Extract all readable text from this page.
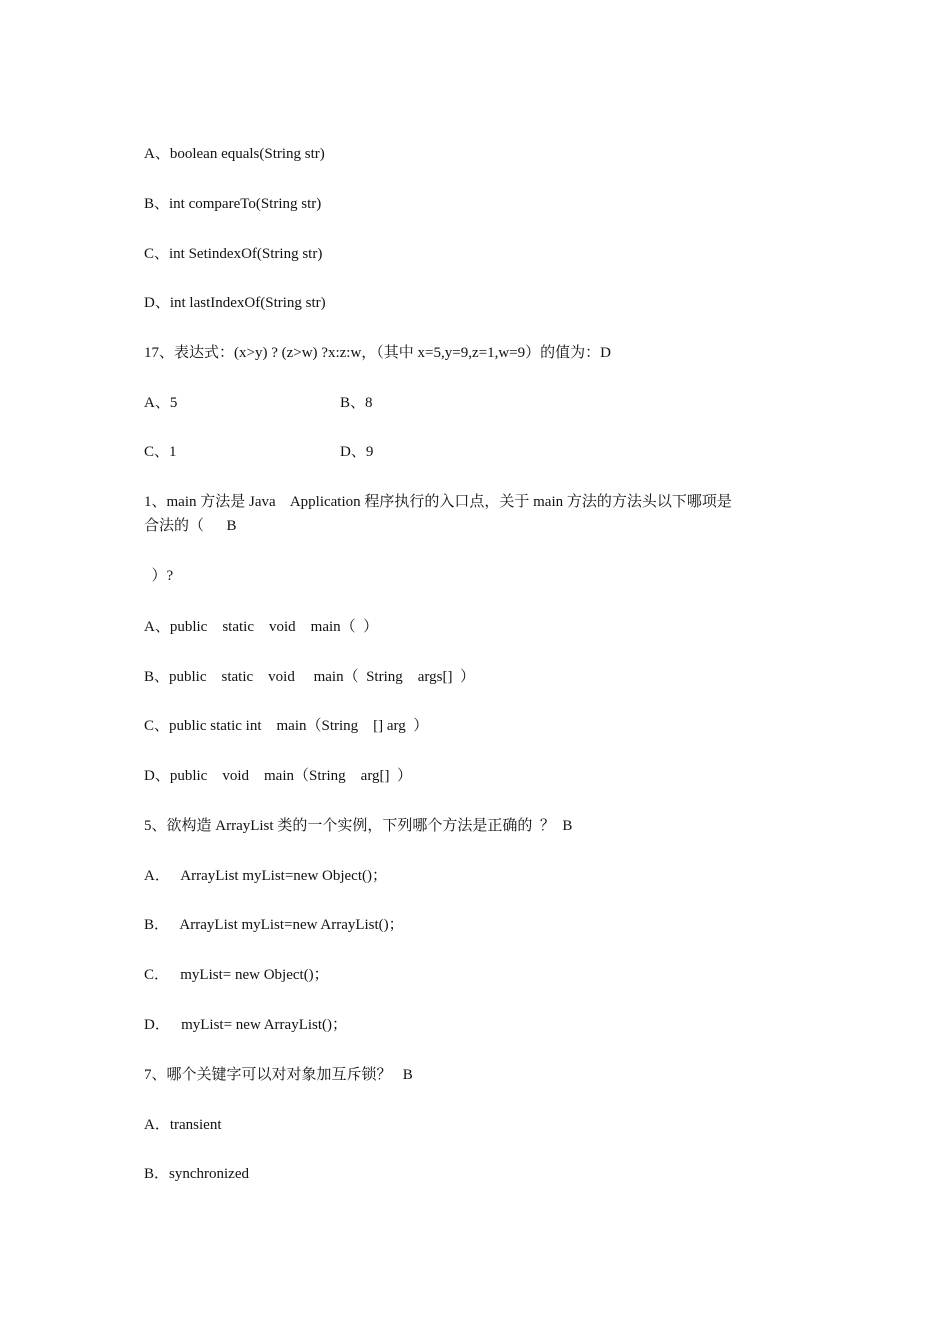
A、boolean equals(String str)
B、int compareTo(String str)
C、int SetindexOf(String str)
D、int lastIndexOf(String str)
17、表达式：(x>y) ? (z>w) ?x:z:w，（其中 x=5,y=9,z=1,w=9）的值为：D
A、5	B、8
C、1	D、9
1、main 方法是 Java    Application 程序执行的入口点，关于 main 方法的方法头以下哪项是
合法的（      B
）?
A、public    static    void    main（  ）
B、public    static    void     main（  String    args[]  ）
C、public static int    main（String    [] arg  ）
D、public    void    main（String    arg[]  ）
5、欲构造 ArrayList 类的一个实例，下列哪个方法是正确的  ？  B
A．   ArrayList myList=new Object()；
B．   ArrayList myList=new ArrayList()；
C．   myList= new Object()；
D．   myList= new ArrayList()；
7、哪个关键字可以对对象加互斥锁？   B
A．transient
B．synchronized
